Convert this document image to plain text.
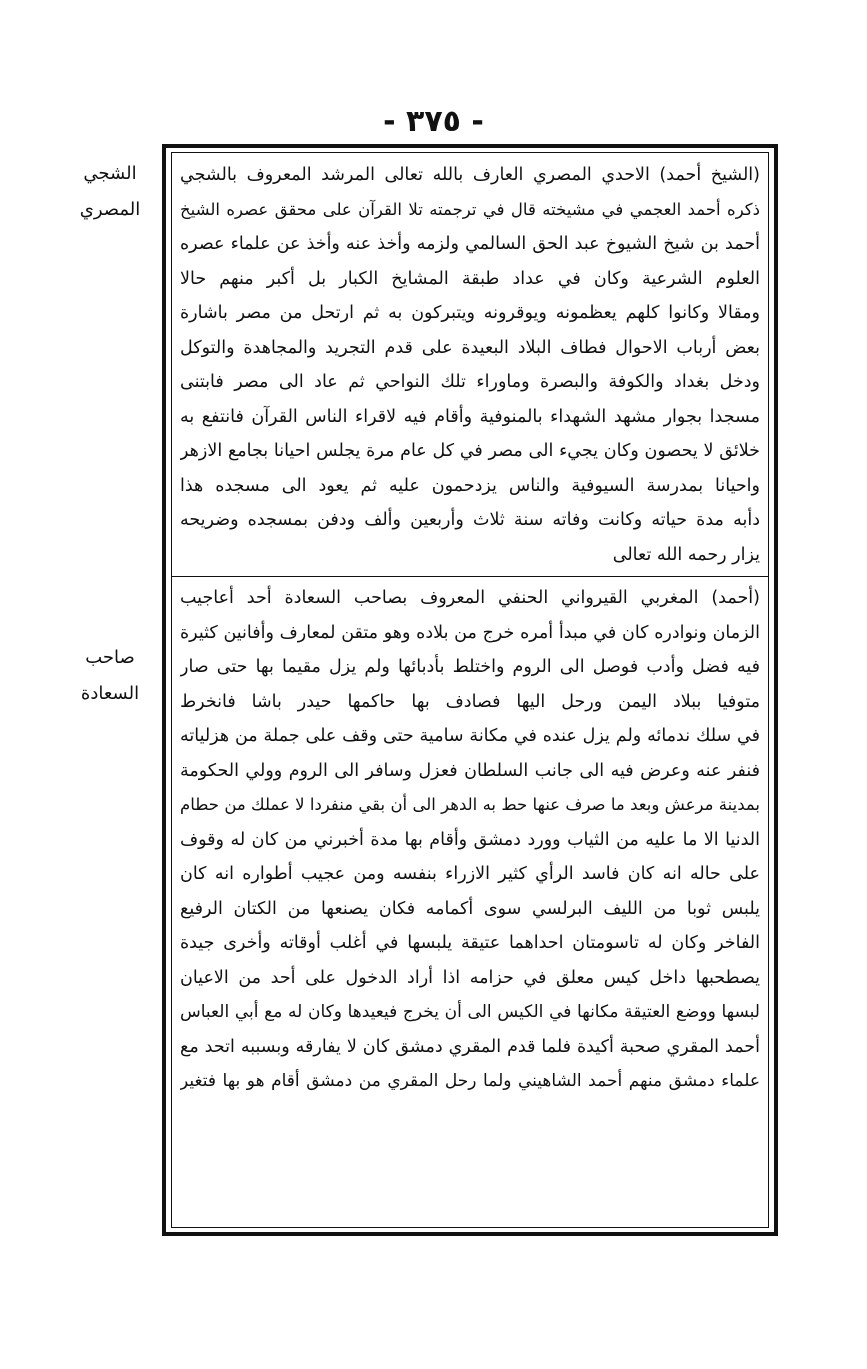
- ٣٧٥ -
الشجي
المصري
صاحب
السعادة
(الشيخ أحمد) الاحدي المصري العارف بالله تعالى المرشد المعروف بالشجي
ذكره أحمد العجمي في مشيخته قال في ترجمته تلا القرآن على محقق عصره الشيخ
أحمد بن شيخ الشيوخ عبد الحق السالمي ولزمه وأخذ عنه وأخذ عن علماء عصره
العلوم الشرعية وكان في عداد طبقة المشايخ الكبار بل أكبر منهم حالا
ومقالا وكانوا كلهم يعظمونه ويوقرونه ويتبركون به ثم ارتحل من مصر باشارة
بعض أرباب الاحوال فطاف البلاد البعيدة على قدم التجريد والمجاهدة والتوكل
ودخل بغداد والكوفة والبصرة وماوراء تلك النواحي ثم عاد الى مصر فابتنى
مسجدا بجوار مشهد الشهداء بالمنوفية وأقام فيه لاقراء الناس القرآن فانتفع به
خلائق لا يحصون وكان يجيء الى مصر في كل عام مرة يجلس احيانا بجامع الازهر
واحيانا بمدرسة السيوفية والناس يزدحمون عليه ثم يعود الى مسجده هذا
دأبه مدة حياته وكانت وفاته سنة ثلاث وأربعين وألف ودفن بمسجده وضريحه
يزار رحمه الله تعالى
(أحمد) المغربي القيرواني الحنفي المعروف بصاحب السعادة أحد أعاجيب
الزمان ونوادره كان في مبدأ أمره خرج من بلاده وهو متقن لمعارف وأفانين كثيرة
فيه فضل وأدب فوصل الى الروم واختلط بأدبائها ولم يزل مقيما بها حتى صار
متوفيا ببلاد اليمن ورحل اليها فصادف بها حاكمها حيدر باشا فانخرط
في سلك ندمائه ولم يزل عنده في مكانة سامية حتى وقف على جملة من هزلياته
فنفر عنه وعرض فيه الى جانب السلطان فعزل وسافر الى الروم وولي الحكومة
بمدينة مرعش وبعد ما صرف عنها حط به الدهر الى أن بقي منفردا لا عملك من حطام
الدنيا الا ما عليه من الثياب وورد دمشق وأقام بها مدة أخبرني من كان له وقوف
على حاله انه كان فاسد الرأي كثير الازراء بنفسه ومن عجيب أطواره انه كان
يلبس ثوبا من الليف البرلسي سوى أكمامه فكان يصنعها من الكتان الرفيع
الفاخر وكان له تاسومتان احداهما عتيقة يلبسها في أغلب أوقاته وأخرى جيدة
يصطحبها داخل كيس معلق في حزامه اذا أراد الدخول على أحد من الاعيان
لبسها ووضع العتيقة مكانها في الكيس الى أن يخرج فيعيدها وكان له مع أبي العباس
أحمد المقري صحبة أكيدة فلما قدم المقري دمشق كان لا يفارقه وبسببه اتحد مع
علماء دمشق منهم أحمد الشاهيني ولما رحل المقري من دمشق أقام هو بها فتغير
